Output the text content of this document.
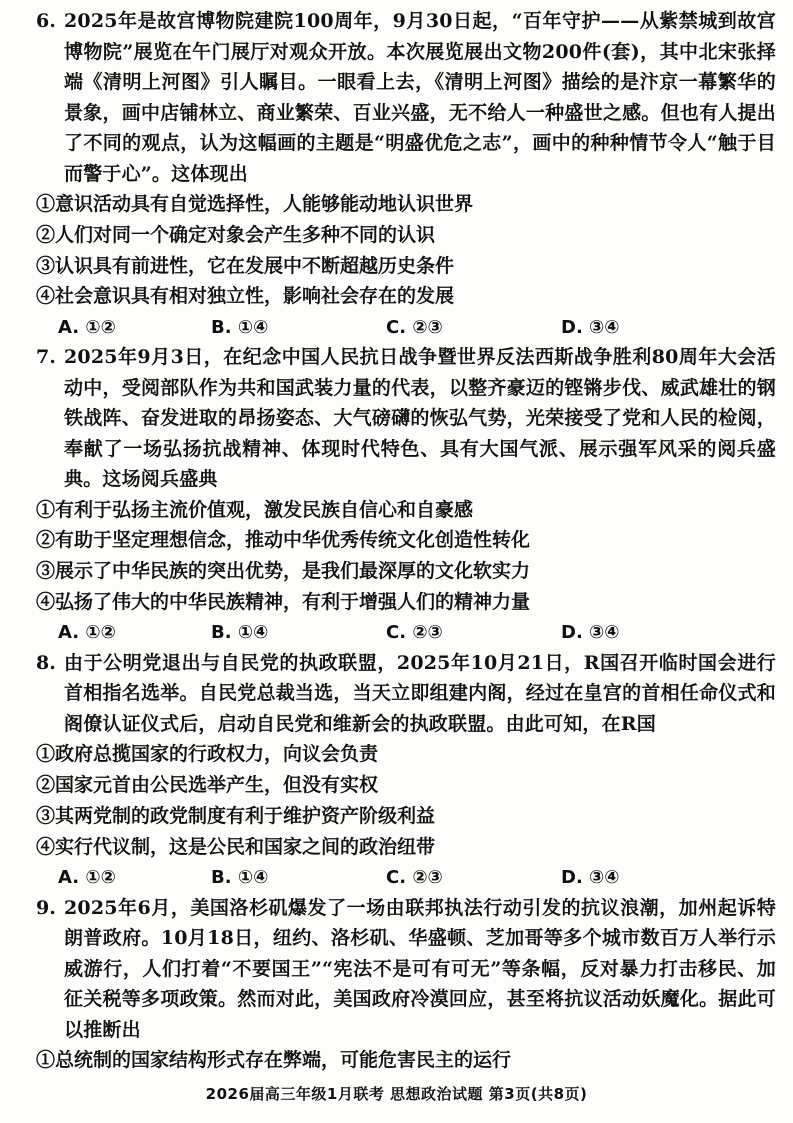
6. 2025年是故宫博物院建院100周年，9月30日起，“百年守护——从紫禁城到故宫博物院”展览在午门展厅对观众开放。本次展览展出文物200件(套)，其中北宋张择端《清明上河图》引人瞩目。一眼看上去，《清明上河图》描绘的是汴京一幕繁华的景象，画中店铺林立、商业繁荣、百业兴盛，无不给人一种盛世之感。但也有人提出了不同的观点，认为这幅画的主题是“明盛优危之志”，画中的种种情节令人“触于目而警于心”。这体现出
①意识活动具有自觉选择性，人能够能动地认识世界
②人们对同一个确定对象会产生多种不同的认识
③认识具有前进性，它在发展中不断超越历史条件
④社会意识具有相对独立性，影响社会存在的发展
A. ①②	B. ①④	C. ②③	D. ③④
7. 2025年9月3日，在纪念中国人民抗日战争暨世界反法西斯战争胜利80周年大会活动中，受阅部队作为共和国武装力量的代表，以整齐豪迈的铿锵步伐、威武雄壮的钢铁战阵、奋发进取的昂扬姿态、大气磅礴的恢弘气势，光荣接受了党和人民的检阅，奉献了一场弘扬抗战精神、体现时代特色、具有大国气派、展示强军风采的阅兵盛典。这场阅兵盛典
①有利于弘扬主流价值观，激发民族自信心和自豪感
②有助于坚定理想信念，推动中华优秀传统文化创造性转化
③展示了中华民族的突出优势，是我们最深厚的文化软实力
④弘扬了伟大的中华民族精神，有利于增强人们的精神力量
A. ①②	B. ①④	C. ②③	D. ③④
8. 由于公明党退出与自民党的执政联盟，2025年10月21日，R国召开临时国会进行首相指名选举。自民党总裁当选，当天立即组建内阁，经过在皇宫的首相任命仪式和阁僚认证仪式后，启动自民党和维新会的执政联盟。由此可知，在R国
①政府总揽国家的行政权力，向议会负责
②国家元首由公民选举产生，但没有实权
③其两党制的政党制度有利于维护资产阶级利益
④实行代议制，这是公民和国家之间的政治纽带
A. ①②	B. ①④	C. ②③	D. ③④
9. 2025年6月，美国洛杉矶爆发了一场由联邦执法行动引发的抗议浪潮，加州起诉特朗普政府。10月18日，纽约、洛杉矶、华盛顿、芝加哥等多个城市数百万人举行示威游行，人们打着“不要国王”“宪法不是可有可无”等条幅，反对暴力打击移民、加征关税等多项政策。然而对此，美国政府冷漠回应，甚至将抗议活动妖魔化。据此可以推断出
①总统制的国家结构形式存在弊端，可能危害民主的运行
2026届高三年级1月联考 思想政治试题 第3页(共8页)
